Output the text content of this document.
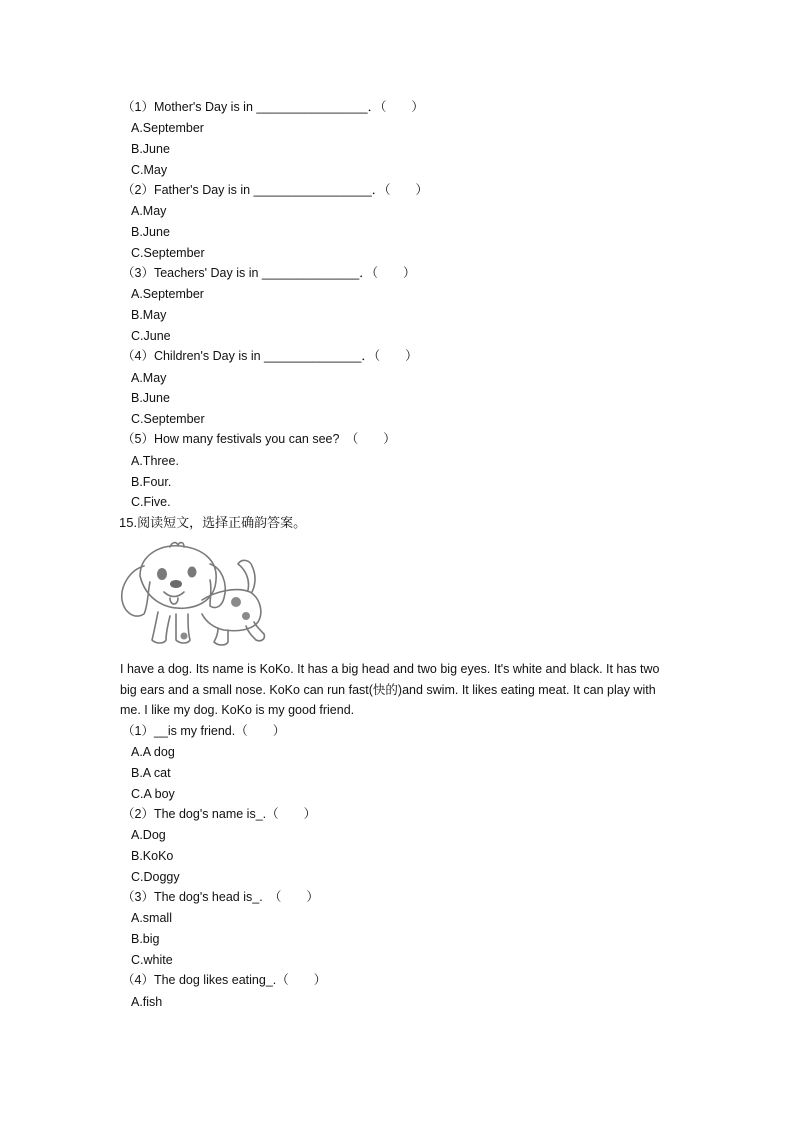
（1）Mother's Day is in ________________．（　　）
A.September
B.June
C.May
（2）Father's Day is in _________________．（　　）
A.May
B.June
C.September
（3）Teachers' Day is in ______________．（　　）
A.September
B.May
C.June
（4）Children's Day is in ______________．（　　）
A.May
B.June
C.September
（5）How many festivals you can see?　（　　）
A.Three.
B.Four.
C.Five.
15.阅读短文，选择正确韵答案。
I have a dog. Its name is KoKo. It has a big head and two big eyes. It's white and black. It has two
big ears and a small nose. KoKo can run fast(快的)and swim. It likes eating meat. It can play with
me. I like my dog. KoKo is my good friend.
（1）__is my friend.（　　）
A.A dog
B.A cat
C.A boy
（2）The dog's name is_.（　　）
A.Dog
B.KoKo
C.Doggy
（3）The dog's head is_.　（　　）
A.small
B.big
C.white
（4）The dog likes eating_.（　　）
A.fish
